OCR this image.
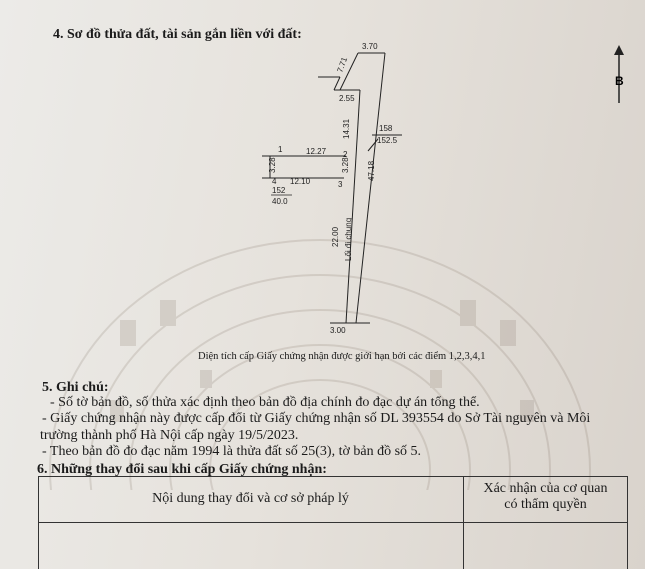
4. Sơ đồ thửa đất, tài sản gắn liền với đất:
3.70
7.71
2.55
14.31	158
152.5
1	12.27 2
3.28	3.28 47.18
4 12.10	3
152
40.0
22.00 Lối đi chung
3.00
B
Diện tích cấp Giấy chứng nhận được giới hạn bởi các điểm 1,2,3,4,1
5. Ghi chú:
- Số tờ bản đồ, số thửa xác định theo bản đồ địa chính đo đạc dự án tổng thể.
- Giấy chứng nhận này được cấp đổi từ Giấy chứng nhận số DL 393554 do Sở Tài nguyên và Môi
trường thành phố Hà Nội cấp ngày 19/5/2023.
- Theo bản đồ đo đạc năm 1994 là thửa đất số 25(3), tờ bản đồ số 5.
6. Những thay đổi sau khi cấp Giấy chứng nhận:
Nội dung thay đổi và cơ sở pháp lý
Xác nhận của cơ quan
có thẩm quyền
